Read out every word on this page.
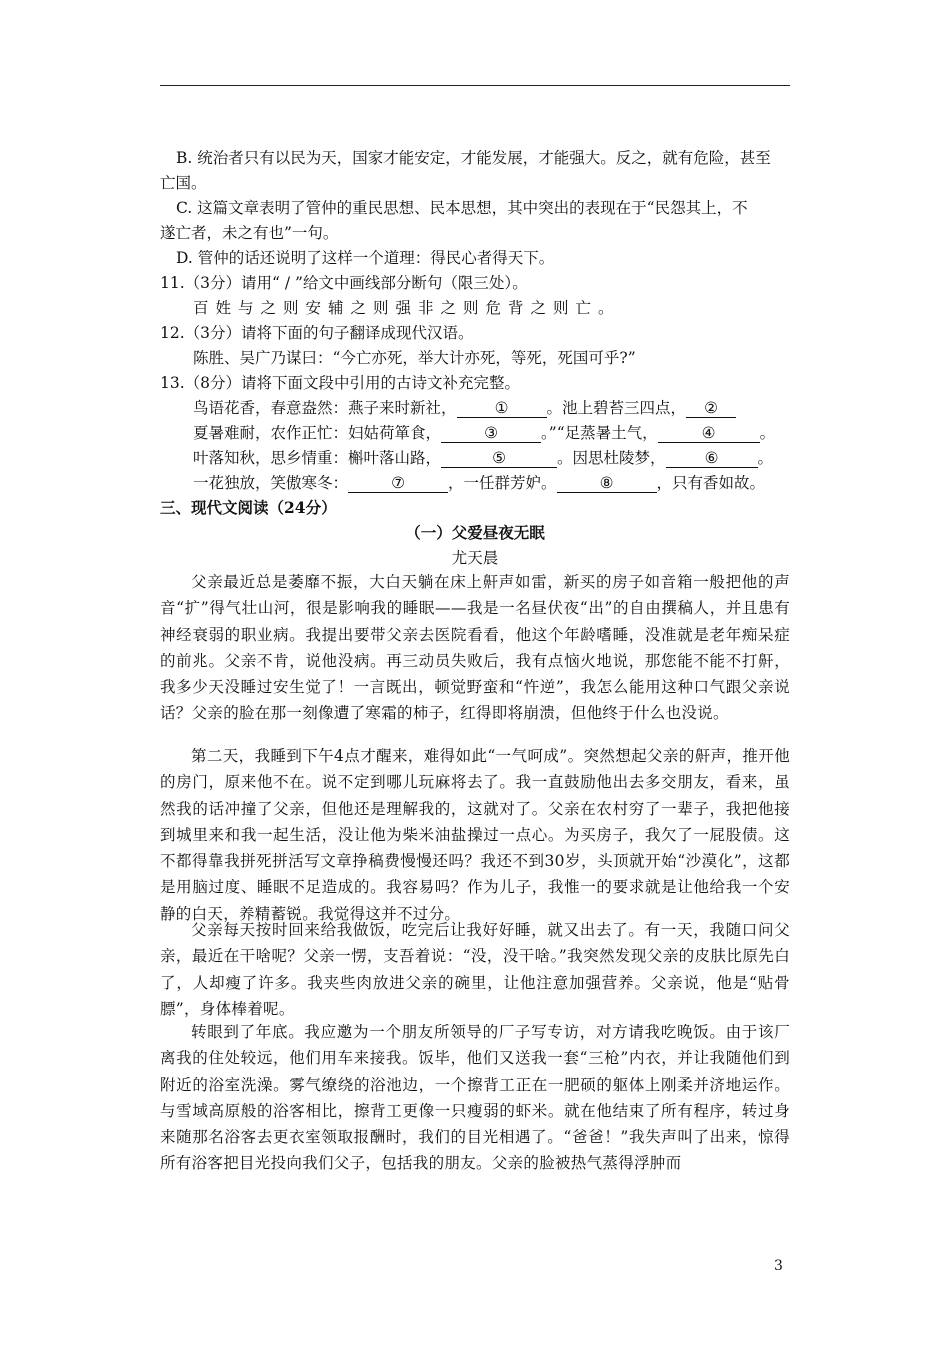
B. 统治者只有以民为天，国家才能安定，才能发展，才能强大。反之，就有危险，甚至
亡国。
C. 这篇文章表明了管仲的重民思想、民本思想，其中突出的表现在于“民怨其上，不
遂亡者，未之有也”一句。
D. 管仲的话还说明了这样一个道理：得民心者得天下。
11.（3分）请用“ / ”给文中画线部分断句（限三处）。
百姓与之则安辅之则强非之则危背之则亡。
12.（3分）请将下面的句子翻译成现代汉语。
陈胜、吴广乃谋曰：“今亡亦死，举大计亦死，等死，死国可乎?”
13.（8分）请将下面文段中引用的古诗文补充完整。
鸟语花香，春意盎然：燕子来时新社， ① 。池上碧苔三四点， ②
夏暑难耐，农作正忙：妇姑荷箪食，	③	。”“足蒸暑土气，	④	。
叶落知秋，思乡情重：槲叶落山路，	⑤	。因思杜陵梦，	⑥	。
一花独放，笑傲寒冬：	⑦	，一任群芳妒。	⑧	，只有香如故。
三、现代文阅读（24分）
（一）父爱昼夜无眠
尤天晨
父亲最近总是萎靡不振，大白天躺在床上鼾声如雷，新买的房子如音箱一般把他的声音“扩”得气壮山河，很是影响我的睡眠——我是一名昼伏夜“出”的自由撰稿人，并且患有神经衰弱的职业病。我提出要带父亲去医院看看，他这个年龄嗜睡，没准就是老年痴呆症的前兆。父亲不肯，说他没病。再三动员失败后，我有点恼火地说，那您能不能不打鼾，我多少天没睡过安生觉了！一言既出，顿觉野蛮和“忤逆”，我怎么能用这种口气跟父亲说话？父亲的脸在那一刻像遭了寒霜的柿子，红得即将崩溃，但他终于什么也没说。
第二天，我睡到下午4点才醒来，难得如此“一气呵成”。突然想起父亲的鼾声，推开他的房门，原来他不在。说不定到哪儿玩麻将去了。我一直鼓励他出去多交朋友，看来，虽然我的话冲撞了父亲，但他还是理解我的，这就对了。父亲在农村穷了一辈子，我把他接到城里来和我一起生活，没让他为柴米油盐操过一点心。为买房子，我欠了一屁股债。这不都得靠我拼死拼活写文章挣稿费慢慢还吗？我还不到30岁，头顶就开始“沙漠化”，这都是用脑过度、睡眠不足造成的。我容易吗？作为儿子，我惟一的要求就是让他给我一个安静的白天，养精蓄锐。我觉得这并不过分。
父亲每天按时回来给我做饭，吃完后让我好好睡，就又出去了。有一天，我随口问父亲，最近在干啥呢？父亲一愣，支吾着说：“没，没干啥。”我突然发现父亲的皮肤比原先白了，人却瘦了许多。我夹些肉放进父亲的碗里，让他注意加强营养。父亲说，他是“贴骨膘”，身体棒着呢。
转眼到了年底。我应邀为一个朋友所领导的厂子写专访，对方请我吃晚饭。由于该厂离我的住处较远，他们用车来接我。饭毕，他们又送我一套“三枪”内衣，并让我随他们到附近的浴室洗澡。雾气缭绕的浴池边，一个擦背工正在一肥硕的躯体上刚柔并济地运作。与雪域高原般的浴客相比，擦背工更像一只瘦弱的虾米。就在他结束了所有程序，转过身来随那名浴客去更衣室领取报酬时，我们的目光相遇了。“爸爸！”我失声叫了出来，惊得所有浴客把目光投向我们父子，包括我的朋友。父亲的脸被热气蒸得浮肿而
3
